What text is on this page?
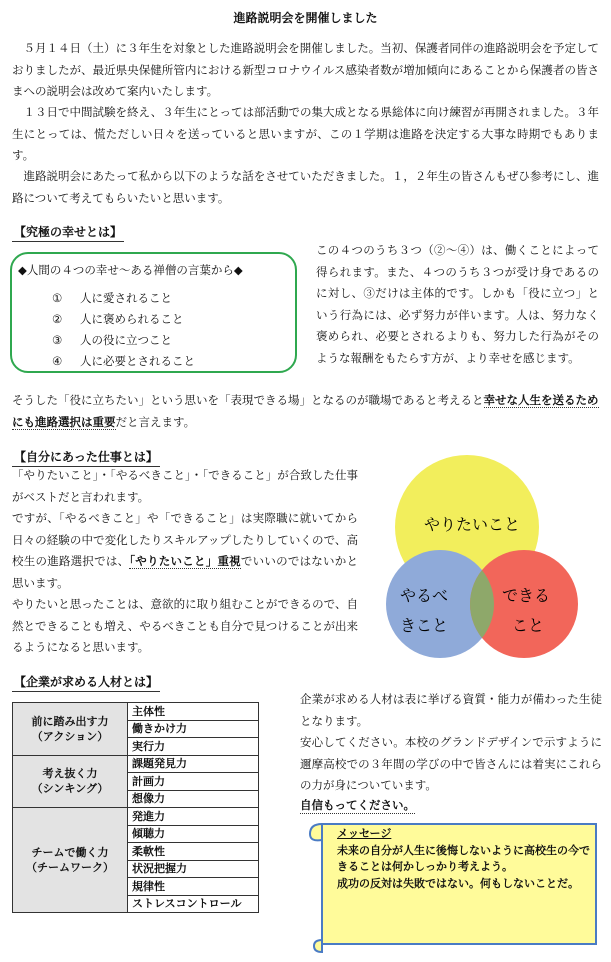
進路説明会を開催しました

５月１４日（土）に３年生を対象とした進路説明会を開催しました。当初、保護者同伴の進路説明会を予定しておりましたが、最近県央保健所管内における新型コロナウイルス感染者数が増加傾向にあることから保護者の皆さまへの説明会は改めて案内いたします。

１３日で中間試験を終え、３年生にとっては部活動での集大成となる県総体に向け練習が再開されました。３年生にとっては、慌ただしい日々を送っていると思いますが、この１学期は進路を決定する大事な時期でもあります。

進路説明会にあたって私から以下のような話をさせていただきました。１，２年生の皆さんもぜひ参考にし、進路について考えてもらいたいと思います。

【究極の幸せとは】
◆人間の４つの幸せ～ある禅僧の言葉から◆
① 人に愛されること
② 人に褒められること
③ 人の役に立つこと
④ 人に必要とされること

この４つのうち３つ（②～④）は、働くことによって得られます。また、４つのうち３つが受け身であるのに対し、③だけは主体的です。しかも「役に立つ」という行為には、必ず努力が伴います。人は、努力なく褒められ、必要とされるよりも、努力した行為がそのような報酬をもたらす方が、より幸せを感じます。

そうした「役に立ちたい」という思いを「表現できる場」となるのが職場であると考えると幸せな人生を送るためにも進路選択は重要だと言えます。

【自分にあった仕事とは】

「やりたいこと」・「やるべきこと」・「できること」が合致した仕事がベストだと言われます。
ですが、「やるべきこと」や「できること」は実際職に就いてから日々の経験の中で変化したりスキルアップしたりしていくので、高校生の進路選択では、「やりたいこと」重視でいいのではないかと思います。
やりたいと思ったことは、意欲的に取り組むことができるので、自然とできることも増え、やるべきことも自分で見つけることが出来るようになると思います。

やりたいこと
やるべ
きこと
できる
こと
【企業が求める人材とは】
前に踏み出す力
（アクション）	主体性
	働きかけ力
	実行力
考え抜く力
（シンキング）	課題発見力
	計画力
	想像力
チームで働く力
（チームワーク）	発進力
	傾聴力
	柔軟性
	状況把握力
	規律性
	ストレスコントロール

企業が求める人材は表に挙げる資質・能力が備わった生徒となります。
安心してください。本校のグランドデザインで示すように邇摩高校での３年間の学びの中で皆さんには着実にこれらの力が身についています。

自信もってください。
メッセージ
未来の自分が人生に後悔しないように高校生の今できることは何かしっかり考えよう。
成功の反対は失敗ではない。何もしないことだ。
